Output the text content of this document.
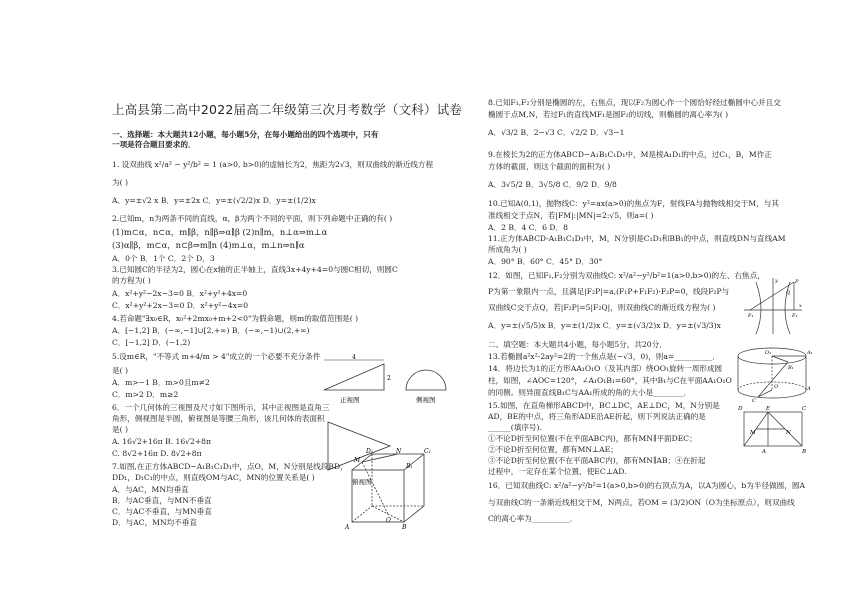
上高县第二高中2022届高二年级第三次月考数学（文科）试卷
一、选择题：本大题共12小题，每小题5分，在每小题给出的四个选项中，只有
一项是符合题目要求的．
1. 设双曲线 x²/a² − y²/b² = 1 (a>0, b>0)的虚轴长为2，焦距为2√3，则双曲线的渐近线方程
为( )
A．y=±√2 x B．y=±2x C．y=±(√2/2)x D．y=±(1/2)x
2.已知m，n为两条不同的直线，α，β为两个不同的平面，则下列命题中正确的有( )
(1)m⊂α，n⊂α，m∥β，n∥β⇒α∥β (2)n∥m，n⊥α⇒m⊥α
(3)α∥β，m⊂α，n⊂β⇒m∥n (4)m⊥α，m⊥n⇒n∥α
A．0个 B．1个 C．2个 D．3
3.已知圆C的半径为2，圆心在x轴的正半轴上，直线3x+4y+4=0与圆C相切，则圆C
的方程为( )
A．x²+y²−2x−3=0 B．x²+y²+4x=0
C．x²+y²+2x−3=0 D．x²+y²−4x=0
4.若命题"∃x₀∈R，x₀²+2mx₀+m+2<0"为假命题，则m的取值范围是( )
A．[−1,2] B．(−∞,−1]∪[2,+∞) B．(−∞,−1)∪(2,+∞)
C．[−1,2] D．(−1,2)
5.设m∈R，"不等式 m+4/m > 4"成立的一个必要不充分条件
是( )
A．m>−1 B．m>0且m≠2
C．m>2 D．m≥2
6．一个几何体的三视图及尺寸如下图所示，其中正视图是直角三
角形，侧视图是半圆，俯视图是等腰三角形，该几何体的表面积
是( )
A. 16√2+16π B. 16√2+8π
C. 8√2+16π D. 8√2+8π
7.如图,在正方体ABCD−A₁B₁C₁D₁中，点O，M，N分别是线段BD，
DD₁，D₁C₁的中点，则直线OM与AC，MN的位置关系是( )
A．与AC，MN均垂直
B．与AC垂直，与MN不垂直
C．与AC不垂直，与MN垂直
D．与AC，MN均不垂直
4
2
正视图	侧视图
俯视图
A	B
O
D₁	N	C₁
M
B₁
8.已知F₁,F₂分别是椭圆的左，右焦点，现以F₂为圆心作一个圆恰好经过椭圆中心并且交
椭圆于点M,N，若过F₁的直线MF₁是圆F₂的切线，则椭圆的离心率为( )
A．√3/2 B．2−√3 C．√2/2 D．√3−1
9.在棱长为2的正方体ABCD−A₁B₁C₁D₁中，M是棱A₁D₁的中点，过C₁，B，M作正
方体的截面，则这个截面的面积为( )
A．3√5/2 B．3√5/8 C．9/2 D．9/8
10.已知A(0,1)，抛物线C：y²=ax(a>0)的焦点为F，射线FA与抛物线相交于M，与其
准线相交于点N，若|FM|:|MN|=2:√5，则a=( )
A．2 B．4 C．6 D．8
11.正方体ABCD-A₁B₁C₁D₁中，M，N分别是C₁D₁和BB₁的中点，则直线DN与直线AM
所成角为( )
A．90° B．60° C．45° D．30°
12．如图，已知F₁,F₂分别为双曲线C: x²/a²−y²/b²=1(a>0,b>0)的左、右焦点，
P为第一象限内一点，且满足|F₂P|=a,(F₁P+F₁F₂)·F₂P=0，线段F₂P与
双曲线C交于点Q，若|F₂P|=5|F₂Q|，则双曲线C的渐近线方程为( )
A．y=±(√5/5)x B．y=±(1/2)x C．y=±(√3/2)x D．y=±(√3/3)x
二、填空题：本大题共4小题，每小题5分，共20分．
13.若椭圆a²x²-2ay²=2的一个焦点是(−√3，0)，则a=__________．
14．将边长为1的正方形AA₁O₁O（及其内部）绕OO₁旋转一周形成圆
柱，如图，∠AOC=120°，∠A₁O₁B₁=60°，其中B₁与C在平面AA₁O₁O
的同侧。则异面直线B₁C与AA₁所成的角的大小是________．
15.如图，在直角梯形ABCD中，BC⊥DC，AE⊥DC，M，N分别是
AD，BE的中点，将三角形ADE沿AE折起，则下列说法正确的是
______(填序号).
①不论D折至何位置(不在平面ABC内)，都有MN∥平面DEC；
②不论D折至何位置，都有MN⊥AE；
③不论D折至何位置(不在平面ABC内)，都有MN∥AB；④在折起
过程中，一定存在某个位置，使EC⊥AD.
16．已知双曲线C: x²/a²−y²/b²=1(a>0,b>0)的右顶点为A，以A为圆心，b为半径做圆，圆A
与双曲线C的一条渐近线相交于M，N两点，若OM = (3/2)ON（O为坐标原点），则双曲线
C的离心率为__________．
P
Q
F₁	F₂
y
x
O₁	A₁
B₁
O
C
A
D	E	C
M	N
A	B
